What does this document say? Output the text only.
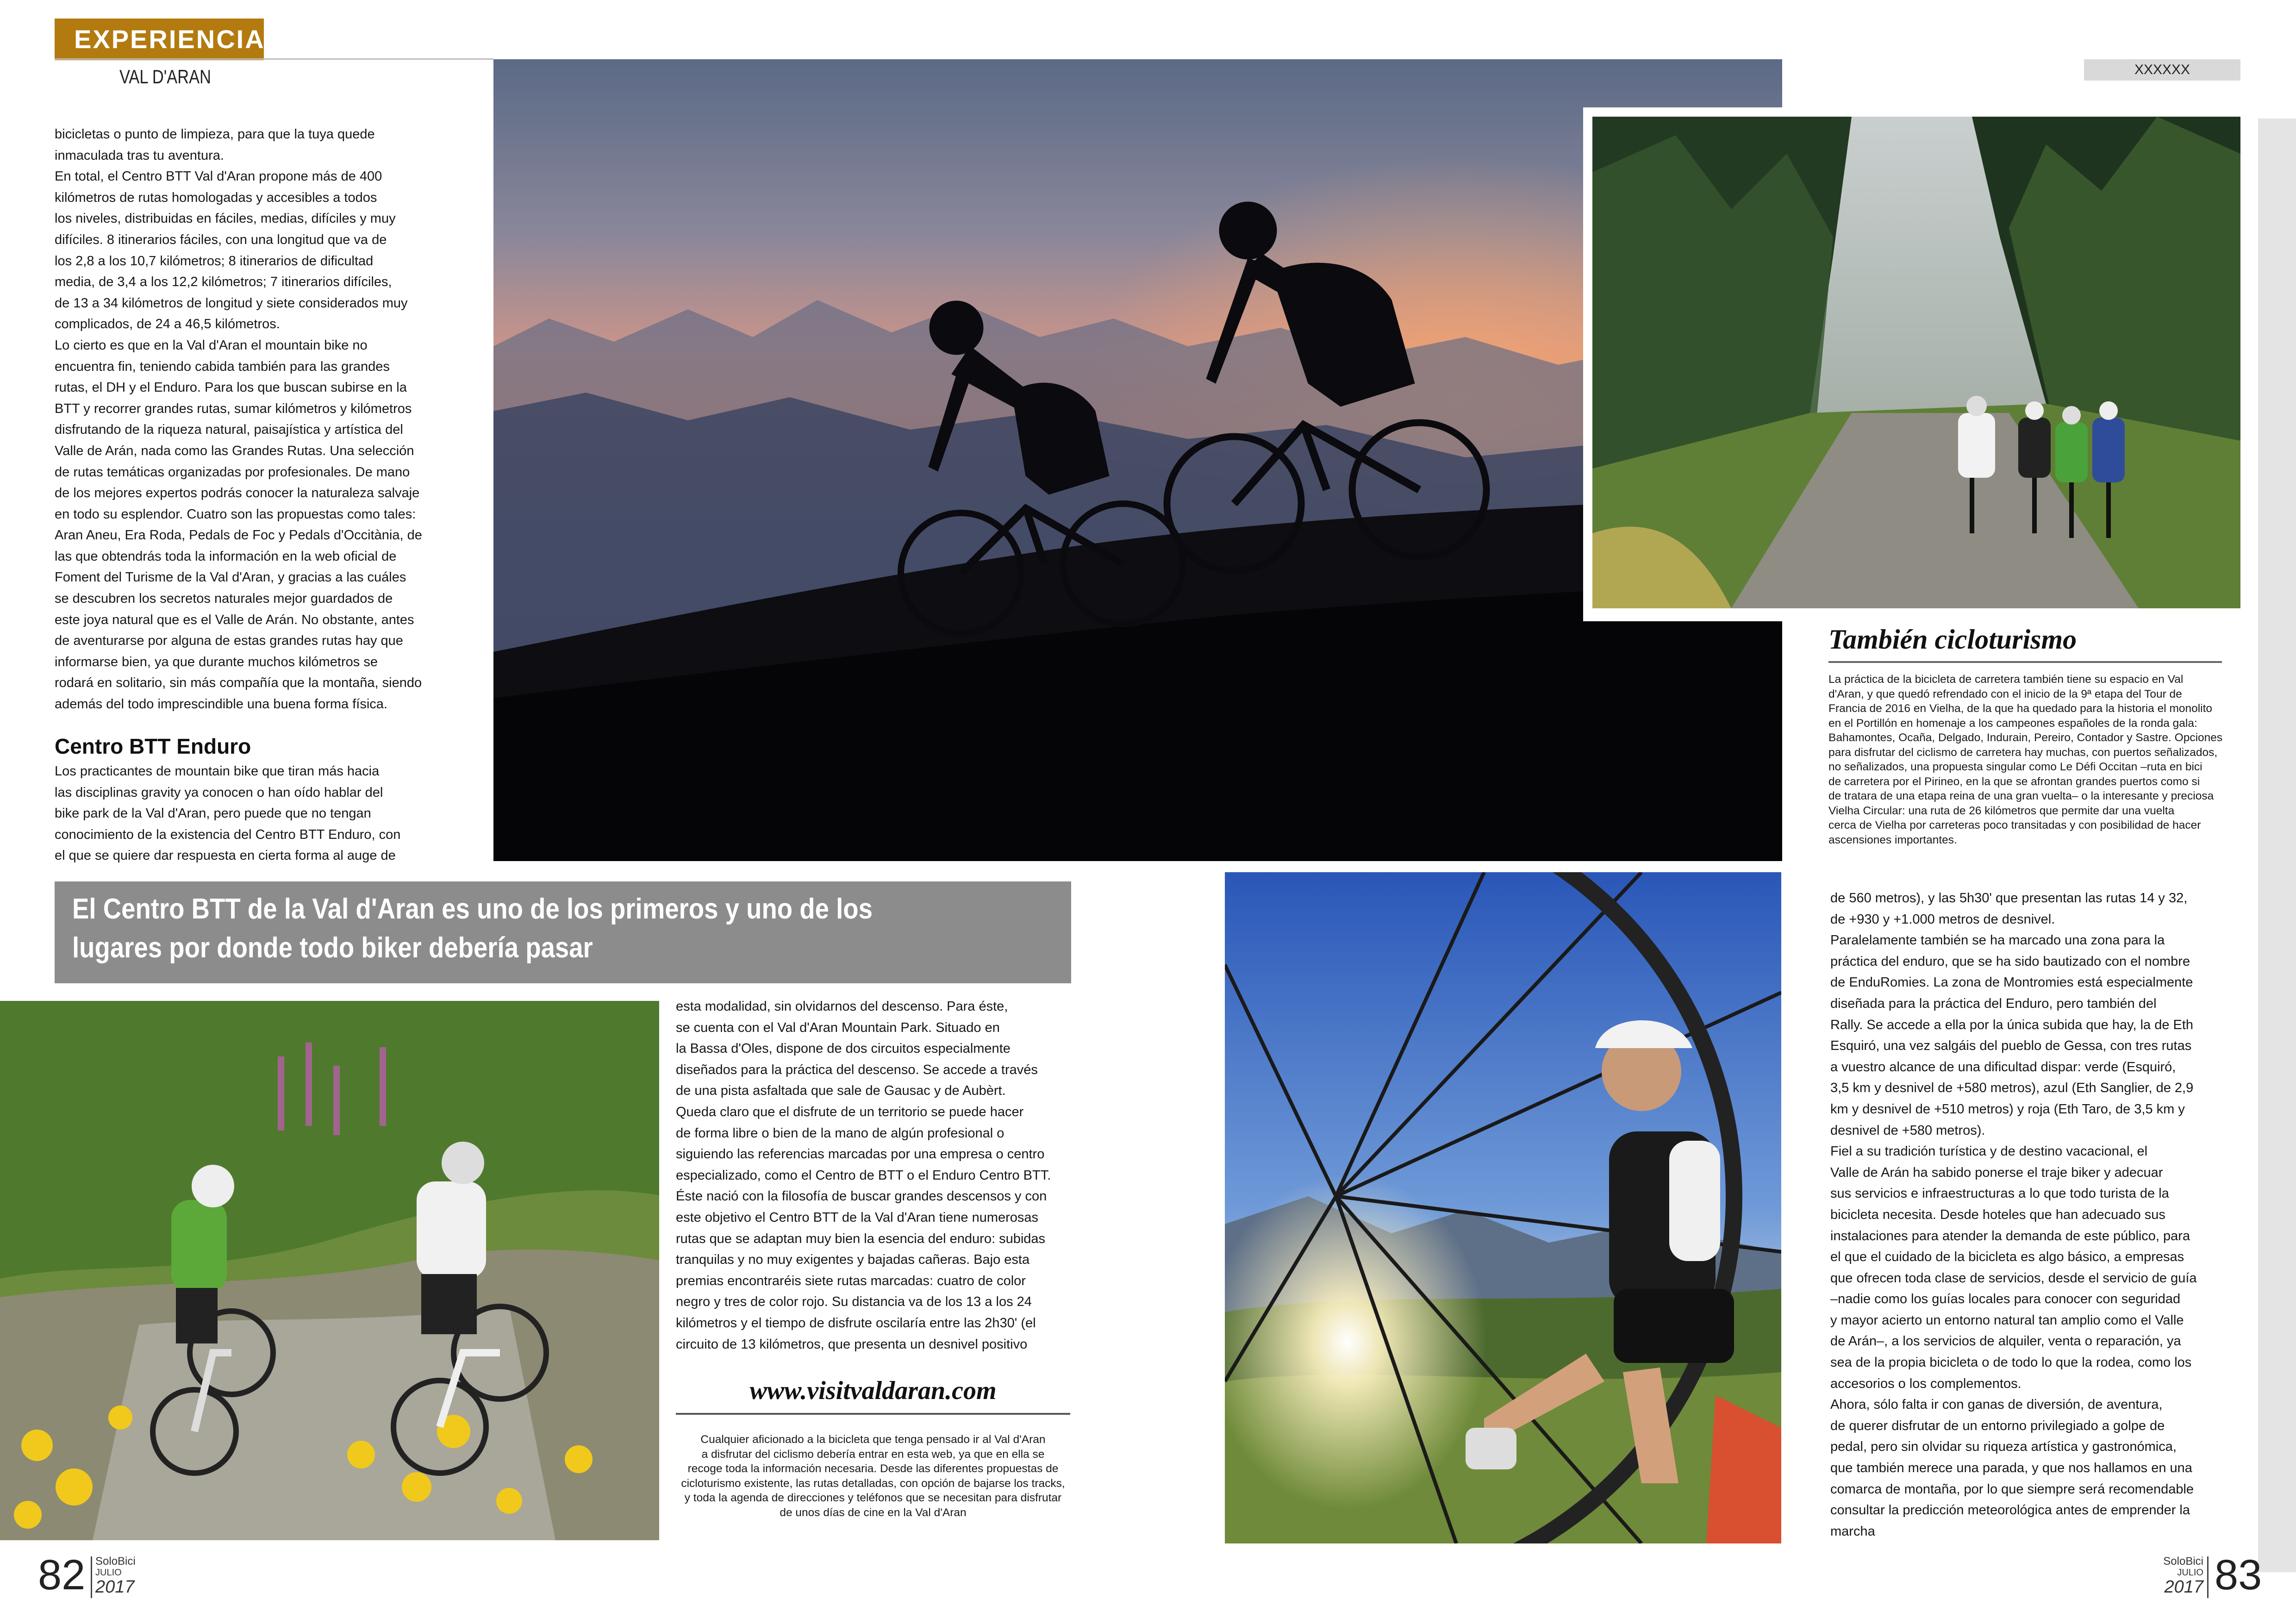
EXPERIENCIA
VAL D'ARAN	XXXXXX

bicicletas o punto de limpieza, para que la tuya quede
inmaculada tras tu aventura.

En total, el Centro BTT Val d'Aran propone más de 400
kilómetros de rutas homologadas y accesibles a todos
los niveles, distribuidas en fáciles, medias, difíciles y muy
difíciles. 8 itinerarios fáciles, con una longitud que va de
los 2,8 a los 10,7 kilómetros; 8 itinerarios de dificultad
media, de 3,4 a los 12,2 kilómetros; 7 itinerarios difíciles,
de 13 a 34 kilómetros de longitud y siete considerados muy
complicados, de 24 a 46,5 kilómetros.

Lo cierto es que en la Val d'Aran el mountain bike no
encuentra fin, teniendo cabida también para las grandes
rutas, el DH y el Enduro. Para los que buscan subirse en la
BTT y recorrer grandes rutas, sumar kilómetros y kilómetros
disfrutando de la riqueza natural, paisajística y artística del
Valle de Arán, nada como las Grandes Rutas. Una selección
de rutas temáticas organizadas por profesionales. De mano
de los mejores expertos podrás conocer la naturaleza salvaje
en todo su esplendor. Cuatro son las propuestas como tales:
Aran Aneu, Era Roda, Pedals de Foc y Pedals d'Occitània, de
las que obtendrás toda la información en la web oficial de
Foment del Turisme de la Val d'Aran, y gracias a las cuáles
se descubren los secretos naturales mejor guardados de
este joya natural que es el Valle de Arán. No obstante, antes
de aventurarse por alguna de estas grandes rutas hay que
informarse bien, ya que durante muchos kilómetros se
rodará en solitario, sin más compañía que la montaña, siendo
además del todo imprescindible una buena forma física.

Centro BTT Enduro

Los practicantes de mountain bike que tiran más hacia
las disciplinas gravity ya conocen o han oído hablar del
bike park de la Val d'Aran, pero puede que no tengan
conocimiento de la existencia del Centro BTT Enduro, con
el que se quiere dar respuesta en cierta forma al auge de

También cicloturismo
La práctica de la bicicleta de carretera también tiene su espacio en Val
d'Aran, y que quedó refrendado con el inicio de la 9ª etapa del Tour de
Francia de 2016 en Vielha, de la que ha quedado para la historia el monolito
en el Portillón en homenaje a los campeones españoles de la ronda gala:
Bahamontes, Ocaña, Delgado, Indurain, Pereiro, Contador y Sastre. Opciones
para disfrutar del ciclismo de carretera hay muchas, con puertos señalizados,
no señalizados, una propuesta singular como Le Défi Occitan –ruta en bici
de carretera por el Pirineo, en la que se afrontan grandes puertos como si
de tratara de una etapa reina de una gran vuelta– o la interesante y preciosa
Vielha Circular: una ruta de 26 kilómetros que permite dar una vuelta
cerca de Vielha por carreteras poco transitadas y con posibilidad de hacer
ascensiones importantes.
El Centro BTT de la Val d'Aran es uno de los primeros y uno de los
lugares por donde todo biker debería pasar

esta modalidad, sin olvidarnos del descenso. Para éste,
se cuenta con el Val d'Aran Mountain Park. Situado en
la Bassa d'Oles, dispone de dos circuitos especialmente
diseñados para la práctica del descenso. Se accede a través
de una pista asfaltada que sale de Gausac y de Aubèrt.
Queda claro que el disfrute de un territorio se puede hacer
de forma libre o bien de la mano de algún profesional o
siguiendo las referencias marcadas por una empresa o centro
especializado, como el Centro de BTT o el Enduro Centro BTT.
Éste nació con la filosofía de buscar grandes descensos y con
este objetivo el Centro BTT de la Val d'Aran tiene numerosas
rutas que se adaptan muy bien la esencia del enduro: subidas
tranquilas y no muy exigentes y bajadas cañeras. Bajo esta
premias encontraréis siete rutas marcadas: cuatro de color
negro y tres de color rojo. Su distancia va de los 13 a los 24
kilómetros y el tiempo de disfrute oscilaría entre las 2h30' (el
circuito de 13 kilómetros, que presenta un desnivel positivo

www.visitvaldaran.com
Cualquier aficionado a la bicicleta que tenga pensado ir al Val d'Aran
a disfrutar del ciclismo debería entrar en esta web, ya que en ella se
recoge toda la información necesaria. Desde las diferentes propuestas de
cicloturismo existente, las rutas detalladas, con opción de bajarse los tracks,
y toda la agenda de direcciones y teléfonos que se necesitan para disfrutar
de unos días de cine en la Val d'Aran

de 560 metros), y las 5h30' que presentan las rutas 14 y 32,
de +930 y +1.000 metros de desnivel.
Paralelamente también se ha marcado una zona para la
práctica del enduro, que se ha sido bautizado con el nombre
de EnduRomies. La zona de Montromies está especialmente
diseñada para la práctica del Enduro, pero también del
Rally. Se accede a ella por la única subida que hay, la de Eth
Esquiró, una vez salgáis del pueblo de Gessa, con tres rutas
a vuestro alcance de una dificultad dispar: verde (Esquiró,
3,5 km y desnivel de +580 metros), azul (Eth Sanglier, de 2,9
km y desnivel de +510 metros) y roja (Eth Taro, de 3,5 km y
desnivel de +580 metros).
Fiel a su tradición turística y de destino vacacional, el
Valle de Arán ha sabido ponerse el traje biker y adecuar
sus servicios e infraestructuras a lo que todo turista de la
bicicleta necesita. Desde hoteles que han adecuado sus
instalaciones para atender la demanda de este público, para
el que el cuidado de la bicicleta es algo básico, a empresas
que ofrecen toda clase de servicios, desde el servicio de guía
–nadie como los guías locales para conocer con seguridad
y mayor acierto un entorno natural tan amplio como el Valle
de Arán–, a los servicios de alquiler, venta o reparación, ya
sea de la propia bicicleta o de todo lo que la rodea, como los
accesorios o los complementos.
Ahora, sólo falta ir con ganas de diversión, de aventura,
de querer disfrutar de un entorno privilegiado a golpe de
pedal, pero sin olvidar su riqueza artística y gastronómica,
que también merece una parada, y que nos hallamos en una
comarca de montaña, por lo que siempre será recomendable
consultar la predicción meteorológica antes de emprender la
marcha

82 SoloBici
JULIO
2017
SoloBici
JULIO
2017 83
